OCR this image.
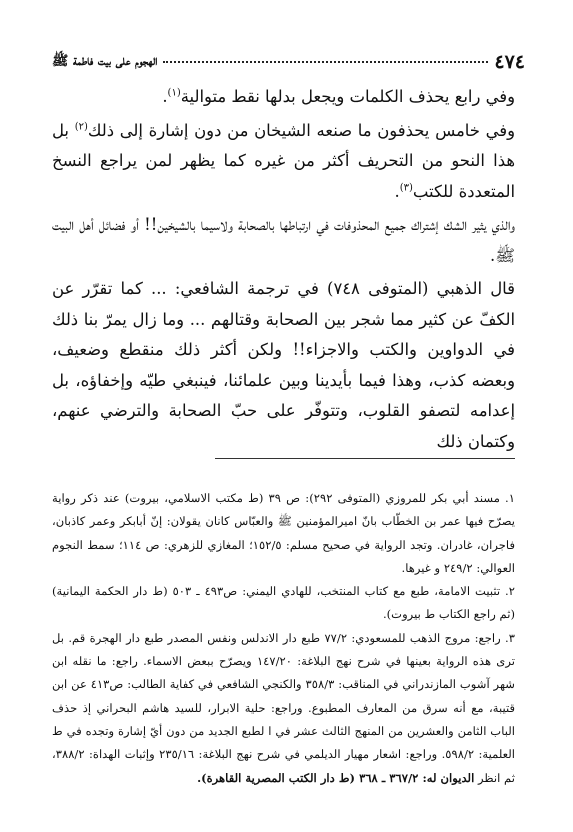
٤٧٤
الهجوم على بيت فاطمة ﷺ

وفي رابع يحذف الكلمات ويجعل بدلها نقط متوالية$^{(١)}$.

وفي خامس يحذفون ما صنعه الشيخان من دون إشارة إلى ذلك$^{(٢)}$ بل هذا النحو من التحريف أكثر من غيره كما يظهر لمن يراجع النسخ المتعددة للكتب$^{(٣)}$.

والذي يثير الشك إشتراك جميع المحذوفات في ارتباطها بالصحابة ولاسيما بالشيخين!! أو فضائل أهل البيت ﷺ.

قال الذهبي (المتوفى ٧٤٨) في ترجمة الشافعي: ... كما تقرّر عن الكفّ عن كثير مما شجر بين الصحابة وقتالهم ... وما زال يمرّ بنا ذلك في الدواوين والكتب والاجزاء!! ولكن أكثر ذلك منقطع وضعيف، وبعضه كذب، وهذا فيما بأيدينا وبين علمائنا، فينبغي طيّه وإخفاؤه، بل إعدامه لتصفو القلوب، وتتوفّر على حبّ الصحابة والترضي عنهم، وكتمان ذلك

١. مسند أبي بكر للمروزي (المتوفى ٢٩٢): ص ٣٩ (ط مكتب الاسلامي، بيروت) عند ذكر رواية يصرّح فيها عمر بن الخطّاب بانّ اميرالمؤمنين ﷺ والعبّاس كانان يقولان: إنّ أبابكر وعمر كاذبان، فاجران، غادران. وتجد الرواية في صحيح مسلم: ١٥٢/٥؛ المغازي للزهري: ص ١١٤؛ سمط النجوم العوالي: ٢٤٩/٢ و غيرها.

٢. تثبيت الامامة، طبع مع كتاب المنتخب، للهادي اليمني: ص٤٩٣ ـ ٥٠٣ (ط دار الحكمة اليمانية) (ثم راجع الكتاب ط بيروت).

٣. راجع: مروج الذهب للمسعودي: ٧٧/٢ طبع دار الاندلس ونفس المصدر طبع دار الهجرة قم. بل ترى هذه الرواية بعينها في شرح نهج البلاغة: ١٤٧/٢٠ ويصرّح ببعض الاسماء. راجع: ما نقله ابن شهر آشوب المازندراني في المناقب: ٣٥٨/٣ والكنجي الشافعي في كفاية الطالب: ص٤١٣ عن ابن قتيبة، مع أنه سرق من المعارف المطبوع. وراجع: حلية الابرار، للسيد هاشم البحراني إذ حذف الباب الثامن والعشرين من المنهج الثالث عشر في ا لطبع الجديد من دون أيّ إشارة وتجده في ط العلمية: ٥٩٨/٢. وراجع: اشعار مهيار الديلمي في شرح نهج البلاغة: ٢٣٥/١٦ وإثبات الهداة: ٣٨٨/٢، ثم انظر الديوان له: ٣٦٧/٢ ـ ٣٦٨ (ط دار الكتب المصرية القاهرة).
